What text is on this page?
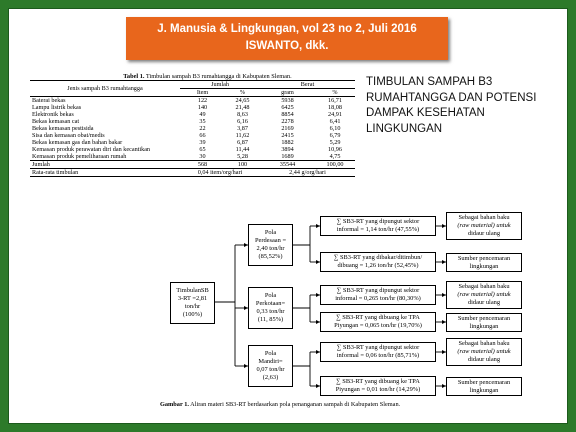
J. Manusia & Lingkungan, vol 23 no 2, Juli 2016
ISWANTO, dkk.
Tabel 1. Timbulan sampah B3 rumahtangga di Kabupaten Sleman.
Jenis sampah B3 rumahtangga	Jumlah		Berat	
	Item	%	gram	%
Baterai bekas	122	24,65	5938	16,71
Lampu listrik bekas	140	21,48	6425	18,08
Elektronik bekas	49	8,63	8854	24,91
Bekas kemasan cat	35	6,16	2278	6,41
Bekas kemasan pestisida	22	3,87	2169	6,10
Sisa dan kemasan obat/medis	66	11,62	2415	6,79
Bekas kemasan gas dan bahan bakar	39	6,87	1882	5,29
Kemasan produk perawatan diri dan kecantikan	65	11,44	3894	10,96
Kemasan produk pemeliharaan rumah	30	5,28	1689	4,75
Jumlah	568	100	35544	100,00
Rata-rata timbulan	0,04 item/org/hari		2,44 g/org/hari	
TIMBULAN SAMPAH B3 RUMAHTANGGA DAN POTENSI DAMPAK KESEHATAN LINGKUNGAN
TimbulanSB
3-RT =2,81
ton/hr
(100%)
Pola
Perdesaan =
2,40 ton/hr
(85,52%)
Pola
Perkotaan=
0,33 ton/hr
(11, 85%)
Pola
Mandiri=
0,07 ton/hr
(2,63)
∑ SB3-RT yang dipungut sektor
informal = 1,14 ton/hr (47,55%)
∑ SB3-RT yang dibakar/ditimbun/
dibuang = 1,26 ton/hr (52,45%)
∑ SB3-RT yang dipungut sektor
informal = 0,265 ton/hr (80,30%)
∑ SB3-RT yang dibuang ke TPA
Piyungan = 0,065 ton/hr (19,70%)
∑ SB3-RT yang dipungut sektor
informal = 0,06 ton/hr (85,71%)
∑ SB3-RT yang dibuang ke TPA
Piyungan = 0,01 ton/hr (14,29%)
Sebagai bahan baku
(raw material) untuk
didaur ulang
Sumber pencemaran
lingkungan
Sebagai bahan baku
(raw material) untuk
didaur ulang
Sumber pencemaran
lingkungan
Sebagai bahan baku
(raw material) untuk
didaur ulang
Sumber pencemaran
lingkungan
Gambar 1. Aliran materi SB3-RT berdasarkan pola penanganan sampah di Kabupaten Sleman.
